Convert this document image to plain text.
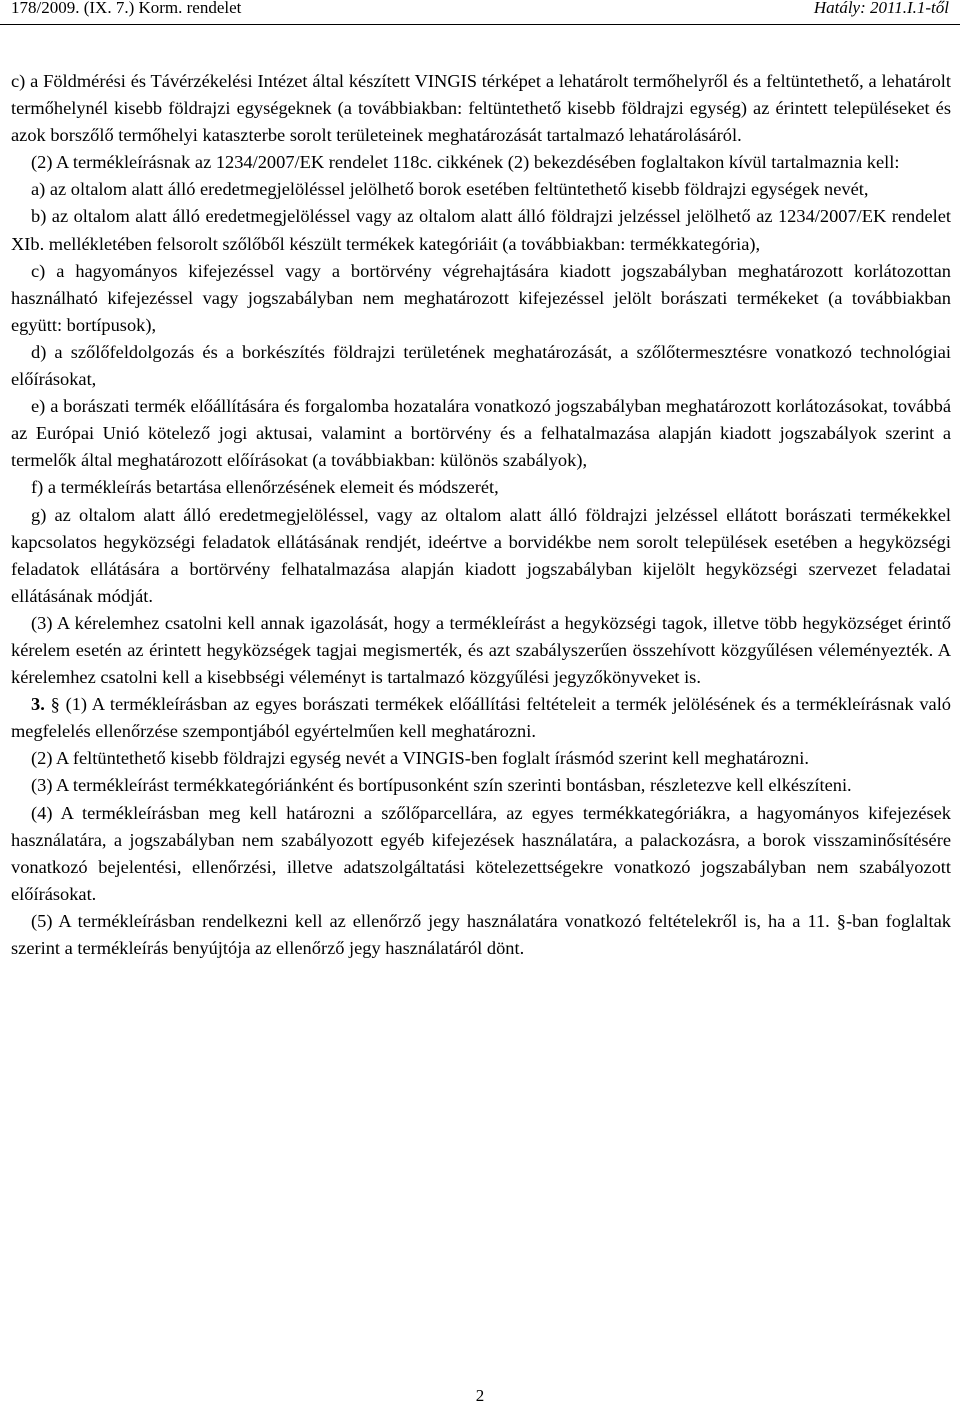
178/2009. (IX. 7.) Korm. rendelet	Hatály: 2011.I.1-től

c) a Földmérési és Távérzékelési Intézet által készített VINGIS térképet a lehatárolt termőhelyről és a feltüntethető, a lehatárolt termőhelynél kisebb földrajzi egységeknek (a továbbiakban: feltüntethető kisebb földrajzi egység) az érintett településeket és azok borszőlő termőhelyi kataszterbe sorolt területeinek meghatározását tartalmazó lehatárolásáról.

(2) A termékleírásnak az 1234/2007/EK rendelet 118c. cikkének (2) bekezdésében foglaltakon kívül tartalmaznia kell:

a) az oltalom alatt álló eredetmegjelöléssel jelölhető borok esetében feltüntethető kisebb földrajzi egységek nevét,

b) az oltalom alatt álló eredetmegjelöléssel vagy az oltalom alatt álló földrajzi jelzéssel jelölhető az 1234/2007/EK rendelet XIb. mellékletében felsorolt szőlőből készült termékek kategóriáit (a továbbiakban: termékkategória),

c) a hagyományos kifejezéssel vagy a bortörvény végrehajtására kiadott jogszabályban meghatározott korlátozottan használható kifejezéssel vagy jogszabályban nem meghatározott kifejezéssel jelölt borászati termékeket (a továbbiakban együtt: bortípusok),

d) a szőlőfeldolgozás és a borkészítés földrajzi területének meghatározását, a szőlőtermesztésre vonatkozó technológiai előírásokat,

e) a borászati termék előállítására és forgalomba hozatalára vonatkozó jogszabályban meghatározott korlátozásokat, továbbá az Európai Unió kötelező jogi aktusai, valamint a bortörvény és a felhatalmazása alapján kiadott jogszabályok szerint a termelők által meghatározott előírásokat (a továbbiakban: különös szabályok),

f) a termékleírás betartása ellenőrzésének elemeit és módszerét,

g) az oltalom alatt álló eredetmegjelöléssel, vagy az oltalom alatt álló földrajzi jelzéssel ellátott borászati termékekkel kapcsolatos hegyközségi feladatok ellátásának rendjét, ideértve a borvidékbe nem sorolt települések esetében a hegyközségi feladatok ellátására a bortörvény felhatalmazása alapján kiadott jogszabályban kijelölt hegyközségi szervezet feladatai ellátásának módját.

(3) A kérelemhez csatolni kell annak igazolását, hogy a termékleírást a hegyközségi tagok, illetve több hegyközséget érintő kérelem esetén az érintett hegyközségek tagjai megismerték, és azt szabályszerűen összehívott közgyűlésen véleményezték. A kérelemhez csatolni kell a kisebbségi véleményt is tartalmazó közgyűlési jegyzőkönyveket is.

3. § (1) A termékleírásban az egyes borászati termékek előállítási feltételeit a termék jelölésének és a termékleírásnak való megfelelés ellenőrzése szempontjából egyértelműen kell meghatározni.

(2) A feltüntethető kisebb földrajzi egység nevét a VINGIS-ben foglalt írásmód szerint kell meghatározni.

(3) A termékleírást termékkategóriánként és bortípusonként szín szerinti bontásban, részletezve kell elkészíteni.

(4) A termékleírásban meg kell határozni a szőlőparcellára, az egyes termékkategóriákra, a hagyományos kifejezések használatára, a jogszabályban nem szabályozott egyéb kifejezések használatára, a palackozásra, a borok visszaminősítésére vonatkozó bejelentési, ellenőrzési, illetve adatszolgáltatási kötelezettségekre vonatkozó jogszabályban nem szabályozott előírásokat.

(5) A termékleírásban rendelkezni kell az ellenőrző jegy használatára vonatkozó feltételekről is, ha a 11. §-ban foglaltak szerint a termékleírás benyújtója az ellenőrző jegy használatáról dönt.

2
